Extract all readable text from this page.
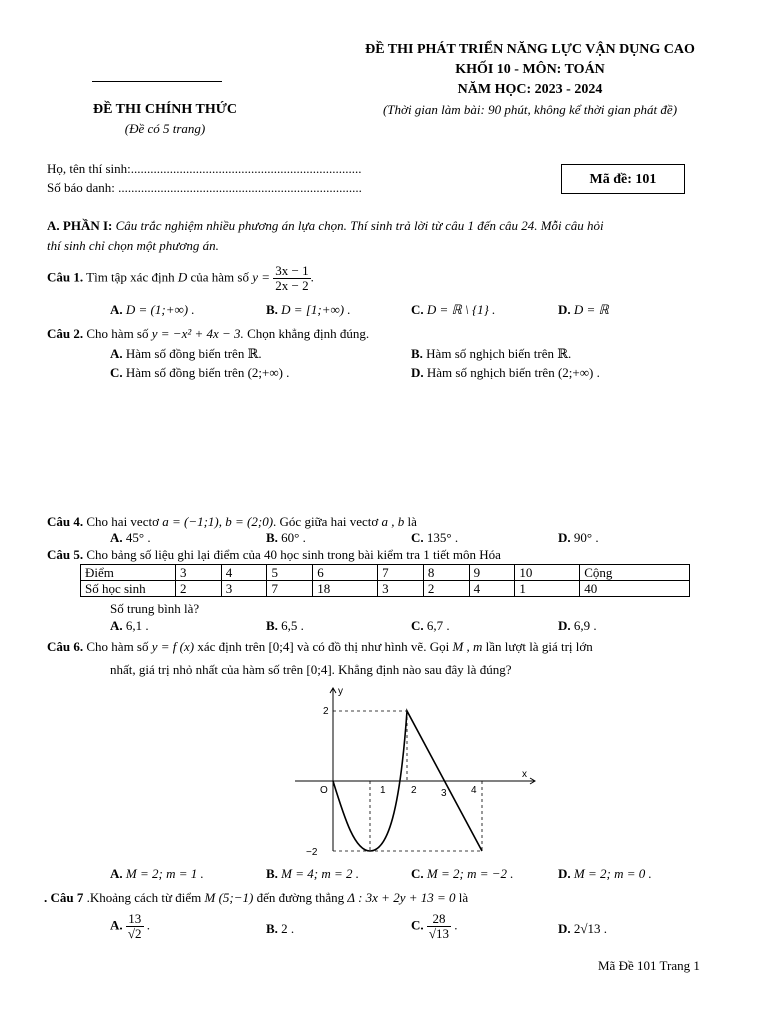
ĐỀ THI PHÁT TRIỂN NĂNG LỰC VẬN DỤNG CAO
KHỐI 10 - MÔN: TOÁN
NĂM HỌC: 2023 - 2024
(Thời gian làm bài: 90 phút, không kể thời gian phát đề)
ĐỀ THI CHÍNH THỨC
(Đề có 5 trang)
Họ, tên thí sinh:.......................................................................
Số báo danh: ...........................................................................
Mã đề: 101
A. PHẦN I: Câu trắc nghiệm nhiều phương án lựa chọn. Thí sinh trả lời từ câu 1 đến câu 24. Mỗi câu hỏi
thí sinh chỉ chọn một phương án.
Câu 1. Tìm tập xác định D của hàm số $y = \frac{3x - 1}{2x - 2}$ .
A. D = (1;+∞) .	B. D = [1;+∞) .	C. D = ℝ \ {1} .	D. D = ℝ
Câu 2. Cho hàm số y = −x² + 4x − 3. Chọn khẳng định đúng.
A. Hàm số đồng biến trên ℝ.	B. Hàm số nghịch biến trên ℝ.
C. Hàm số đồng biến trên (2;+∞) .	D. Hàm số nghịch biến trên (2;+∞) .
Câu 4. Cho hai vectơ a = (−1;1), b = (2;0). Góc giữa hai vectơ a , b là
A. 45° .	B. 60° .	C. 135° .	D. 90° .
Câu 5. Cho bảng số liệu ghi lại điểm của 40 học sinh trong bài kiểm tra 1 tiết môn Hóa
Điểm	3	4	5	6	7	8	9	10	Cộng
Số học sinh	2	3	7	18	3	2	4	1	40
Số trung bình là?
A. 6,1 .	B. 6,5 .	C. 6,7 .	D. 6,9 .
Câu 6. Cho hàm số y = f (x) xác định trên [0;4] và có đồ thị như hình vẽ. Gọi M , m lần lượt là giá trị lớn
nhất, giá trị nhỏ nhất của hàm số trên [0;4]. Khẳng định nào sau đây là đúng?
y
x
O	1	2 3 4
2
−2
A. M = 2; m = 1 .	B. M = 4; m = 2 .	C. M = 2; m = −2 .	D. M = 2; m = 0 .
. Câu 7 .Khoảng cách từ điểm M (5;−1) đến đường thẳng Δ : 3x + 2y + 13 = 0 là
A. $\frac{13}{√2}$ .	B. 2 .	C. $\frac{28}{√13}$ .	D. 2√13 .
Mã Đề 101 Trang 1
